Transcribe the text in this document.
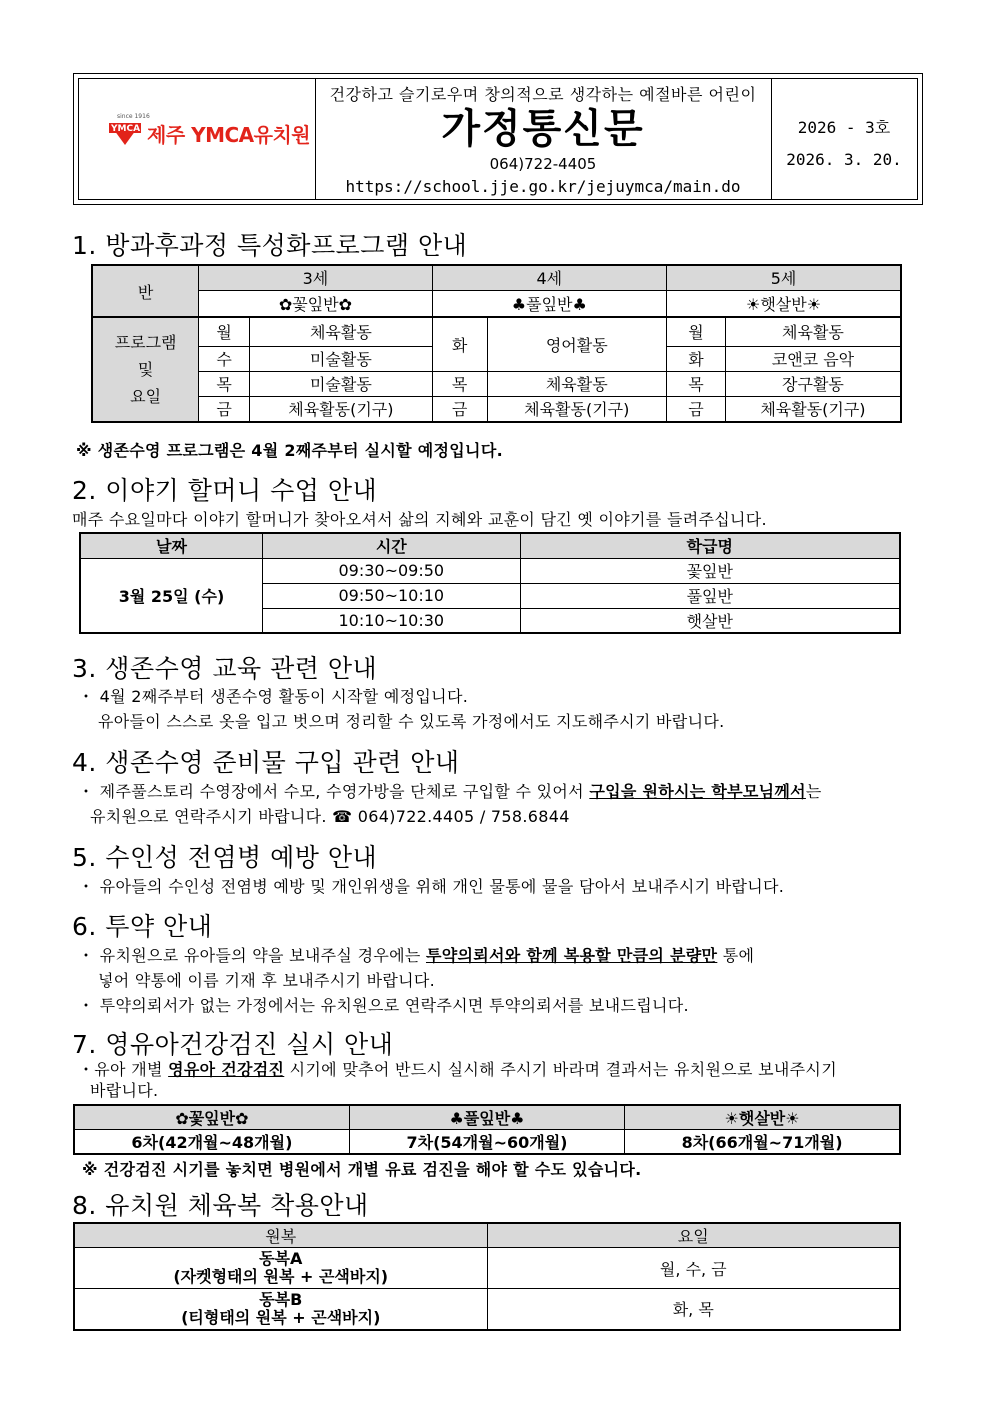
since 1916
YMCA 제주 YMCA유치원
건강하고 슬기로우며 창의적으로 생각하는 예절바른 어린이
가정통신문
064)722-4405
https://school.jje.go.kr/jejuymca/main.do
2026 - 3호
2026. 3. 20.
1. 방과후과정 특성화프로그램 안내
반	3세		4세		5세	
	✿꽃잎반✿		♣풀잎반♣		☀햇살반☀	

프로그램
및
요일	월	체육활동	화	영어활동	월	체육활동
	수	미술활동			화	코앤코 음악
	목	미술활동	목	체육활동	목	장구활동
	금	체육활동(기구)	금	체육활동(기구)	금	체육활동(기구)
※ 생존수영 프로그램은 4월 2째주부터 실시할 예정입니다.
2. 이야기 할머니 수업 안내
매주 수요일마다 이야기 할머니가 찾아오셔서 삶의 지혜와 교훈이 담긴 옛 이야기를 들려주십니다.
날짜	시간	학급명
3월 25일 (수)	09:30~09:50	꽃잎반
	09:50~10:10	풀잎반
	10:10~10:30	햇살반
3. 생존수영 교육 관련 안내
・ 4월 2째주부터 생존수영 활동이 시작할 예정입니다.
유아들이 스스로 옷을 입고 벗으며 정리할 수 있도록 가정에서도 지도해주시기 바랍니다.
4. 생존수영 준비물 구입 관련 안내
・ 제주풀스토리 수영장에서 수모, 수영가방을 단체로 구입할 수 있어서 구입을 원하시는 학부모님께서는
유치원으로 연락주시기 바랍니다. ☎ 064)722.4405 / 758.6844
5. 수인성 전염병 예방 안내
・ 유아들의 수인성 전염병 예방 및 개인위생을 위해 개인 물통에 물을 담아서 보내주시기 바랍니다.
6. 투약 안내
・ 유치원으로 유아들의 약을 보내주실 경우에는 투약의뢰서와 함께 복용할 만큼의 분량만 통에
넣어 약통에 이름 기재 후 보내주시기 바랍니다.
・ 투약의뢰서가 없는 가정에서는 유치원으로 연락주시면 투약의뢰서를 보내드립니다.
7. 영유아건강검진 실시 안내
・유아 개별 영유아 건강검진 시기에 맞추어 반드시 실시해 주시기 바라며 결과서는 유치원으로 보내주시기
바랍니다.
✿꽃잎반✿	♣풀잎반♣	☀햇살반☀
6차(42개월~48개월)	7차(54개월~60개월)	8차(66개월~71개월)
※ 건강검진 시기를 놓치면 병원에서 개별 유료 검진을 해야 할 수도 있습니다.
8. 유치원 체육복 착용안내
원복	요일

동복A
(자켓형태의 원복 + 곤색바지)	월, 수, 금

동복B
(티형태의 원복 + 곤색바지)	화, 목
